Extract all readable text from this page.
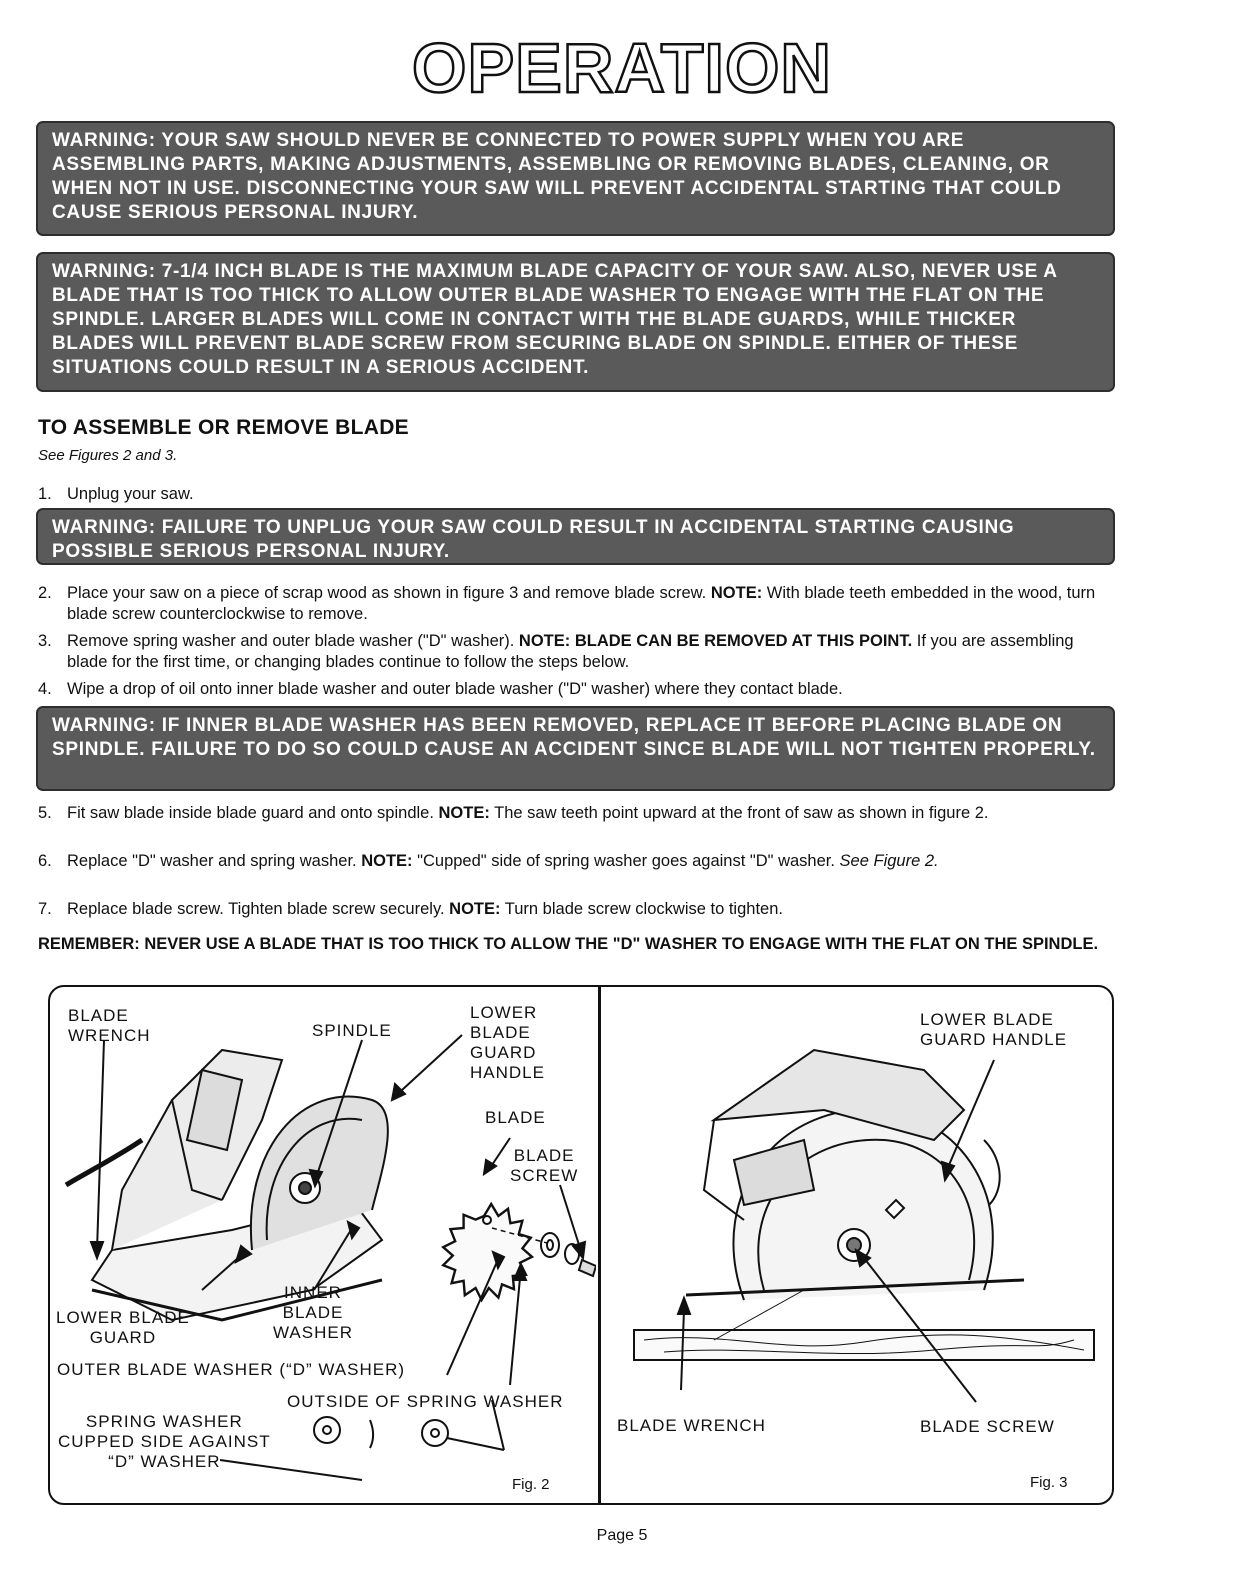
OPERATION
WARNING: YOUR SAW SHOULD NEVER BE CONNECTED TO POWER SUPPLY WHEN YOU ARE ASSEMBLING PARTS, MAKING ADJUSTMENTS, ASSEMBLING OR REMOVING BLADES, CLEANING, OR WHEN NOT IN USE. DISCONNECTING YOUR SAW WILL PREVENT ACCIDENTAL STARTING THAT COULD CAUSE SERIOUS PERSONAL INJURY.
WARNING: 7-1/4 INCH BLADE IS THE MAXIMUM BLADE CAPACITY OF YOUR SAW. ALSO, NEVER USE A BLADE THAT IS TOO THICK TO ALLOW OUTER BLADE WASHER TO ENGAGE WITH THE FLAT ON THE SPINDLE. LARGER BLADES WILL COME IN CONTACT WITH THE BLADE GUARDS, WHILE THICKER BLADES WILL PREVENT BLADE SCREW FROM SECURING BLADE ON SPINDLE. EITHER OF THESE SITUATIONS COULD RESULT IN A SERIOUS ACCIDENT.
TO ASSEMBLE OR REMOVE BLADE
See Figures 2 and 3.
1. Unplug your saw.
WARNING: FAILURE TO UNPLUG YOUR SAW COULD RESULT IN ACCIDENTAL STARTING CAUSING POSSIBLE SERIOUS PERSONAL INJURY.
2. Place your saw on a piece of scrap wood as shown in figure 3 and remove blade screw. NOTE: With blade teeth embedded in the wood, turn blade screw counterclockwise to remove.
3. Remove spring washer and outer blade washer ("D" washer). NOTE: BLADE CAN BE REMOVED AT THIS POINT. If you are assembling blade for the first time, or changing blades continue to follow the steps below.
4. Wipe a drop of oil onto inner blade washer and outer blade washer ("D" washer) where they contact blade.
WARNING: IF INNER BLADE WASHER HAS BEEN REMOVED, REPLACE IT BEFORE PLACING BLADE ON SPINDLE. FAILURE TO DO SO COULD CAUSE AN ACCIDENT SINCE BLADE WILL NOT TIGHTEN PROPERLY.
5. Fit saw blade inside blade guard and onto spindle. NOTE: The saw teeth point upward at the front of saw as shown in figure 2.
6. Replace "D" washer and spring washer. NOTE: "Cupped" side of spring washer goes against "D" washer. See Figure 2.
7. Replace blade screw. Tighten blade screw securely. NOTE: Turn blade screw clockwise to tighten.
REMEMBER: NEVER USE A BLADE THAT IS TOO THICK TO ALLOW THE "D" WASHER TO ENGAGE WITH THE FLAT ON THE SPINDLE.
BLADE
WRENCH	SPINDLE
LOWER
BLADE
GUARD
HANDLE
BLADE
BLADE
SCREW
LOWER BLADE
GUARD
INNER
BLADE
WASHER
OUTER BLADE WASHER (“D” WASHER)
OUTSIDE OF SPRING WASHER
SPRING WASHER
CUPPED SIDE AGAINST
“D” WASHER
Fig. 2
LOWER BLADE
GUARD HANDLE
BLADE WRENCH	BLADE SCREW
Fig. 3
Page 5
